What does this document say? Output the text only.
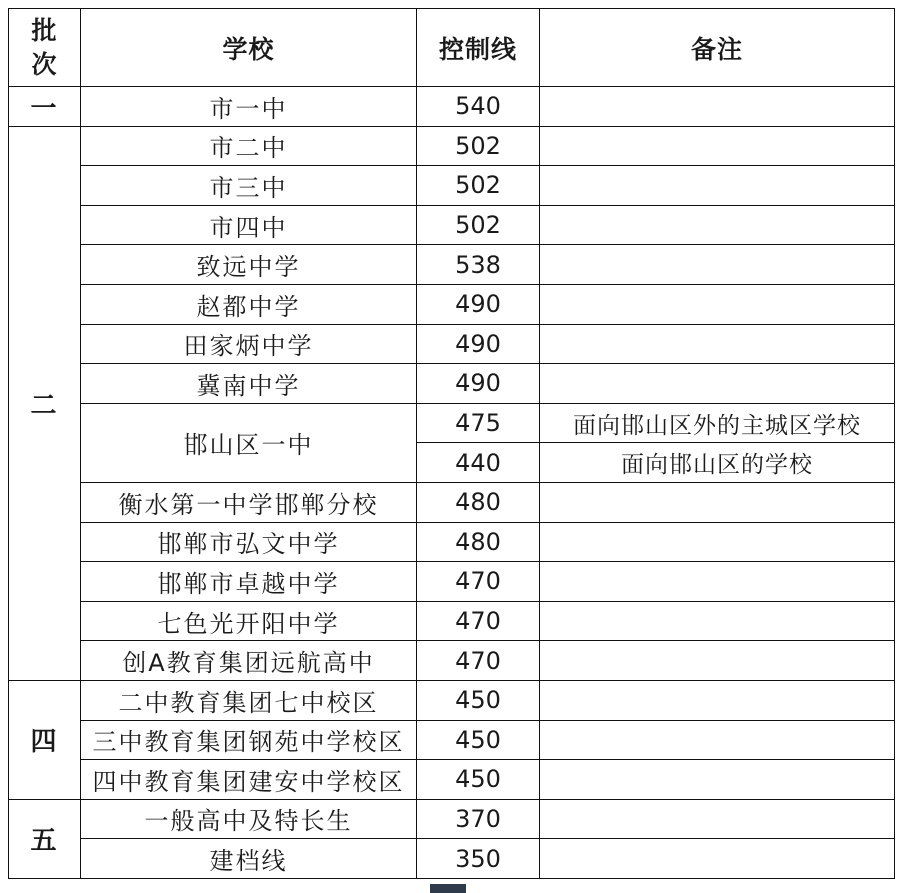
批
次	学校	控制线	备注
一	市一中	540	
二	市二中	502	
	市三中	502	
	市四中	502	
	致远中学	538	
	赵都中学	490	
	田家炳中学	490	
	冀南中学	490	
	邯山区一中	475	面向邯山区外的主城区学校
		440	面向邯山区的学校
	衡水第一中学邯郸分校	480	
	邯郸市弘文中学	480	
	邯郸市卓越中学	470	
	七色光开阳中学	470	
	创A教育集团远航高中	470	
四	二中教育集团七中校区	450	
	三中教育集团钢苑中学校区	450	
	四中教育集团建安中学校区	450	
五	一般高中及特长生	370	
	建档线	350	
